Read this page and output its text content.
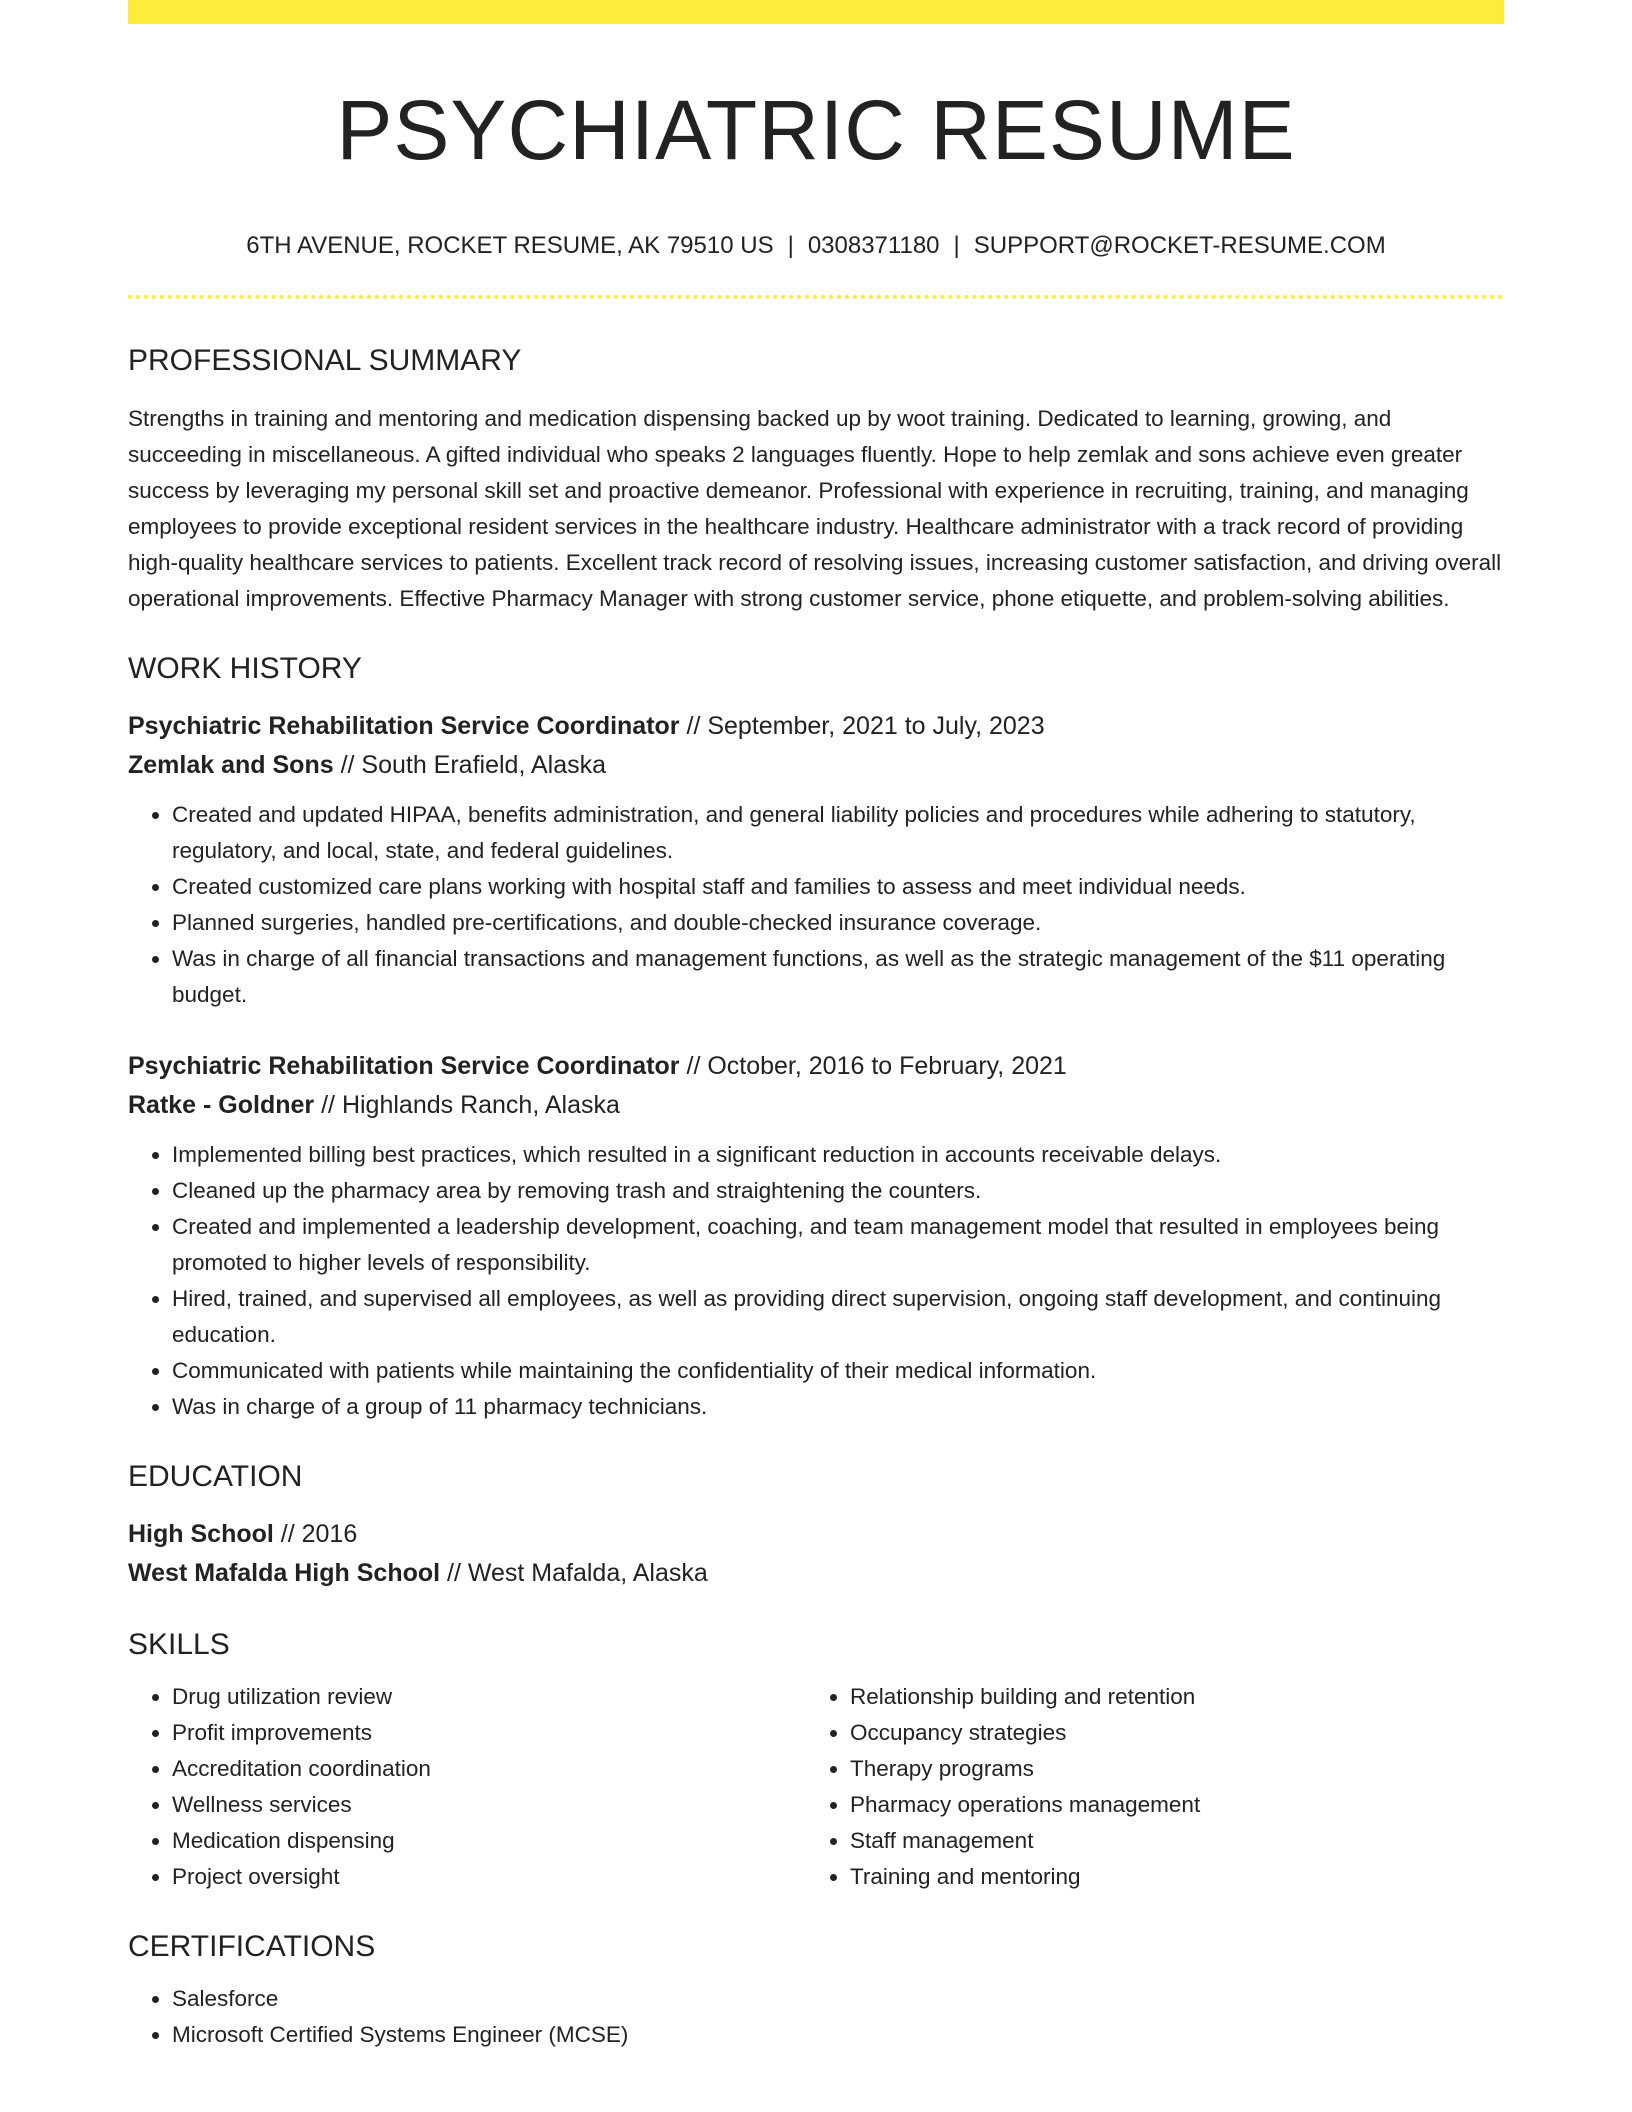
PSYCHIATRIC RESUME
6TH AVENUE, ROCKET RESUME, AK 79510 US | 0308371180 | SUPPORT@ROCKET-RESUME.COM
PROFESSIONAL SUMMARY

Strengths in training and mentoring and medication dispensing backed up by woot training. Dedicated to learning, growing, and succeeding in miscellaneous. A gifted individual who speaks 2 languages fluently. Hope to help zemlak and sons achieve even greater success by leveraging my personal skill set and proactive demeanor. Professional with experience in recruiting, training, and managing employees to provide exceptional resident services in the healthcare industry. Healthcare administrator with a track record of providing high-quality healthcare services to patients. Excellent track record of resolving issues, increasing customer satisfaction, and driving overall operational improvements. Effective Pharmacy Manager with strong customer service, phone etiquette, and problem-solving abilities.

WORK HISTORY
Psychiatric Rehabilitation Service Coordinator // September, 2021 to July, 2023
Zemlak and Sons // South Erafield, Alaska
• Created and updated HIPAA, benefits administration, and general liability policies and procedures while adhering to statutory, regulatory, and local, state, and federal guidelines.
• Created customized care plans working with hospital staff and families to assess and meet individual needs.
• Planned surgeries, handled pre-certifications, and double-checked insurance coverage.
• Was in charge of all financial transactions and management functions, as well as the strategic management of the $11 operating budget.
Psychiatric Rehabilitation Service Coordinator // October, 2016 to February, 2021
Ratke - Goldner // Highlands Ranch, Alaska
• Implemented billing best practices, which resulted in a significant reduction in accounts receivable delays.
• Cleaned up the pharmacy area by removing trash and straightening the counters.
• Created and implemented a leadership development, coaching, and team management model that resulted in employees being promoted to higher levels of responsibility.
• Hired, trained, and supervised all employees, as well as providing direct supervision, ongoing staff development, and continuing education.
• Communicated with patients while maintaining the confidentiality of their medical information.
• Was in charge of a group of 11 pharmacy technicians.
EDUCATION
High School // 2016
West Mafalda High School // West Mafalda, Alaska
SKILLS
• Drug utilization review
• Profit improvements
• Accreditation coordination
• Wellness services
• Medication dispensing
• Project oversight
• Relationship building and retention
• Occupancy strategies
• Therapy programs
• Pharmacy operations management
• Staff management
• Training and mentoring
CERTIFICATIONS
• Salesforce
• Microsoft Certified Systems Engineer (MCSE)
